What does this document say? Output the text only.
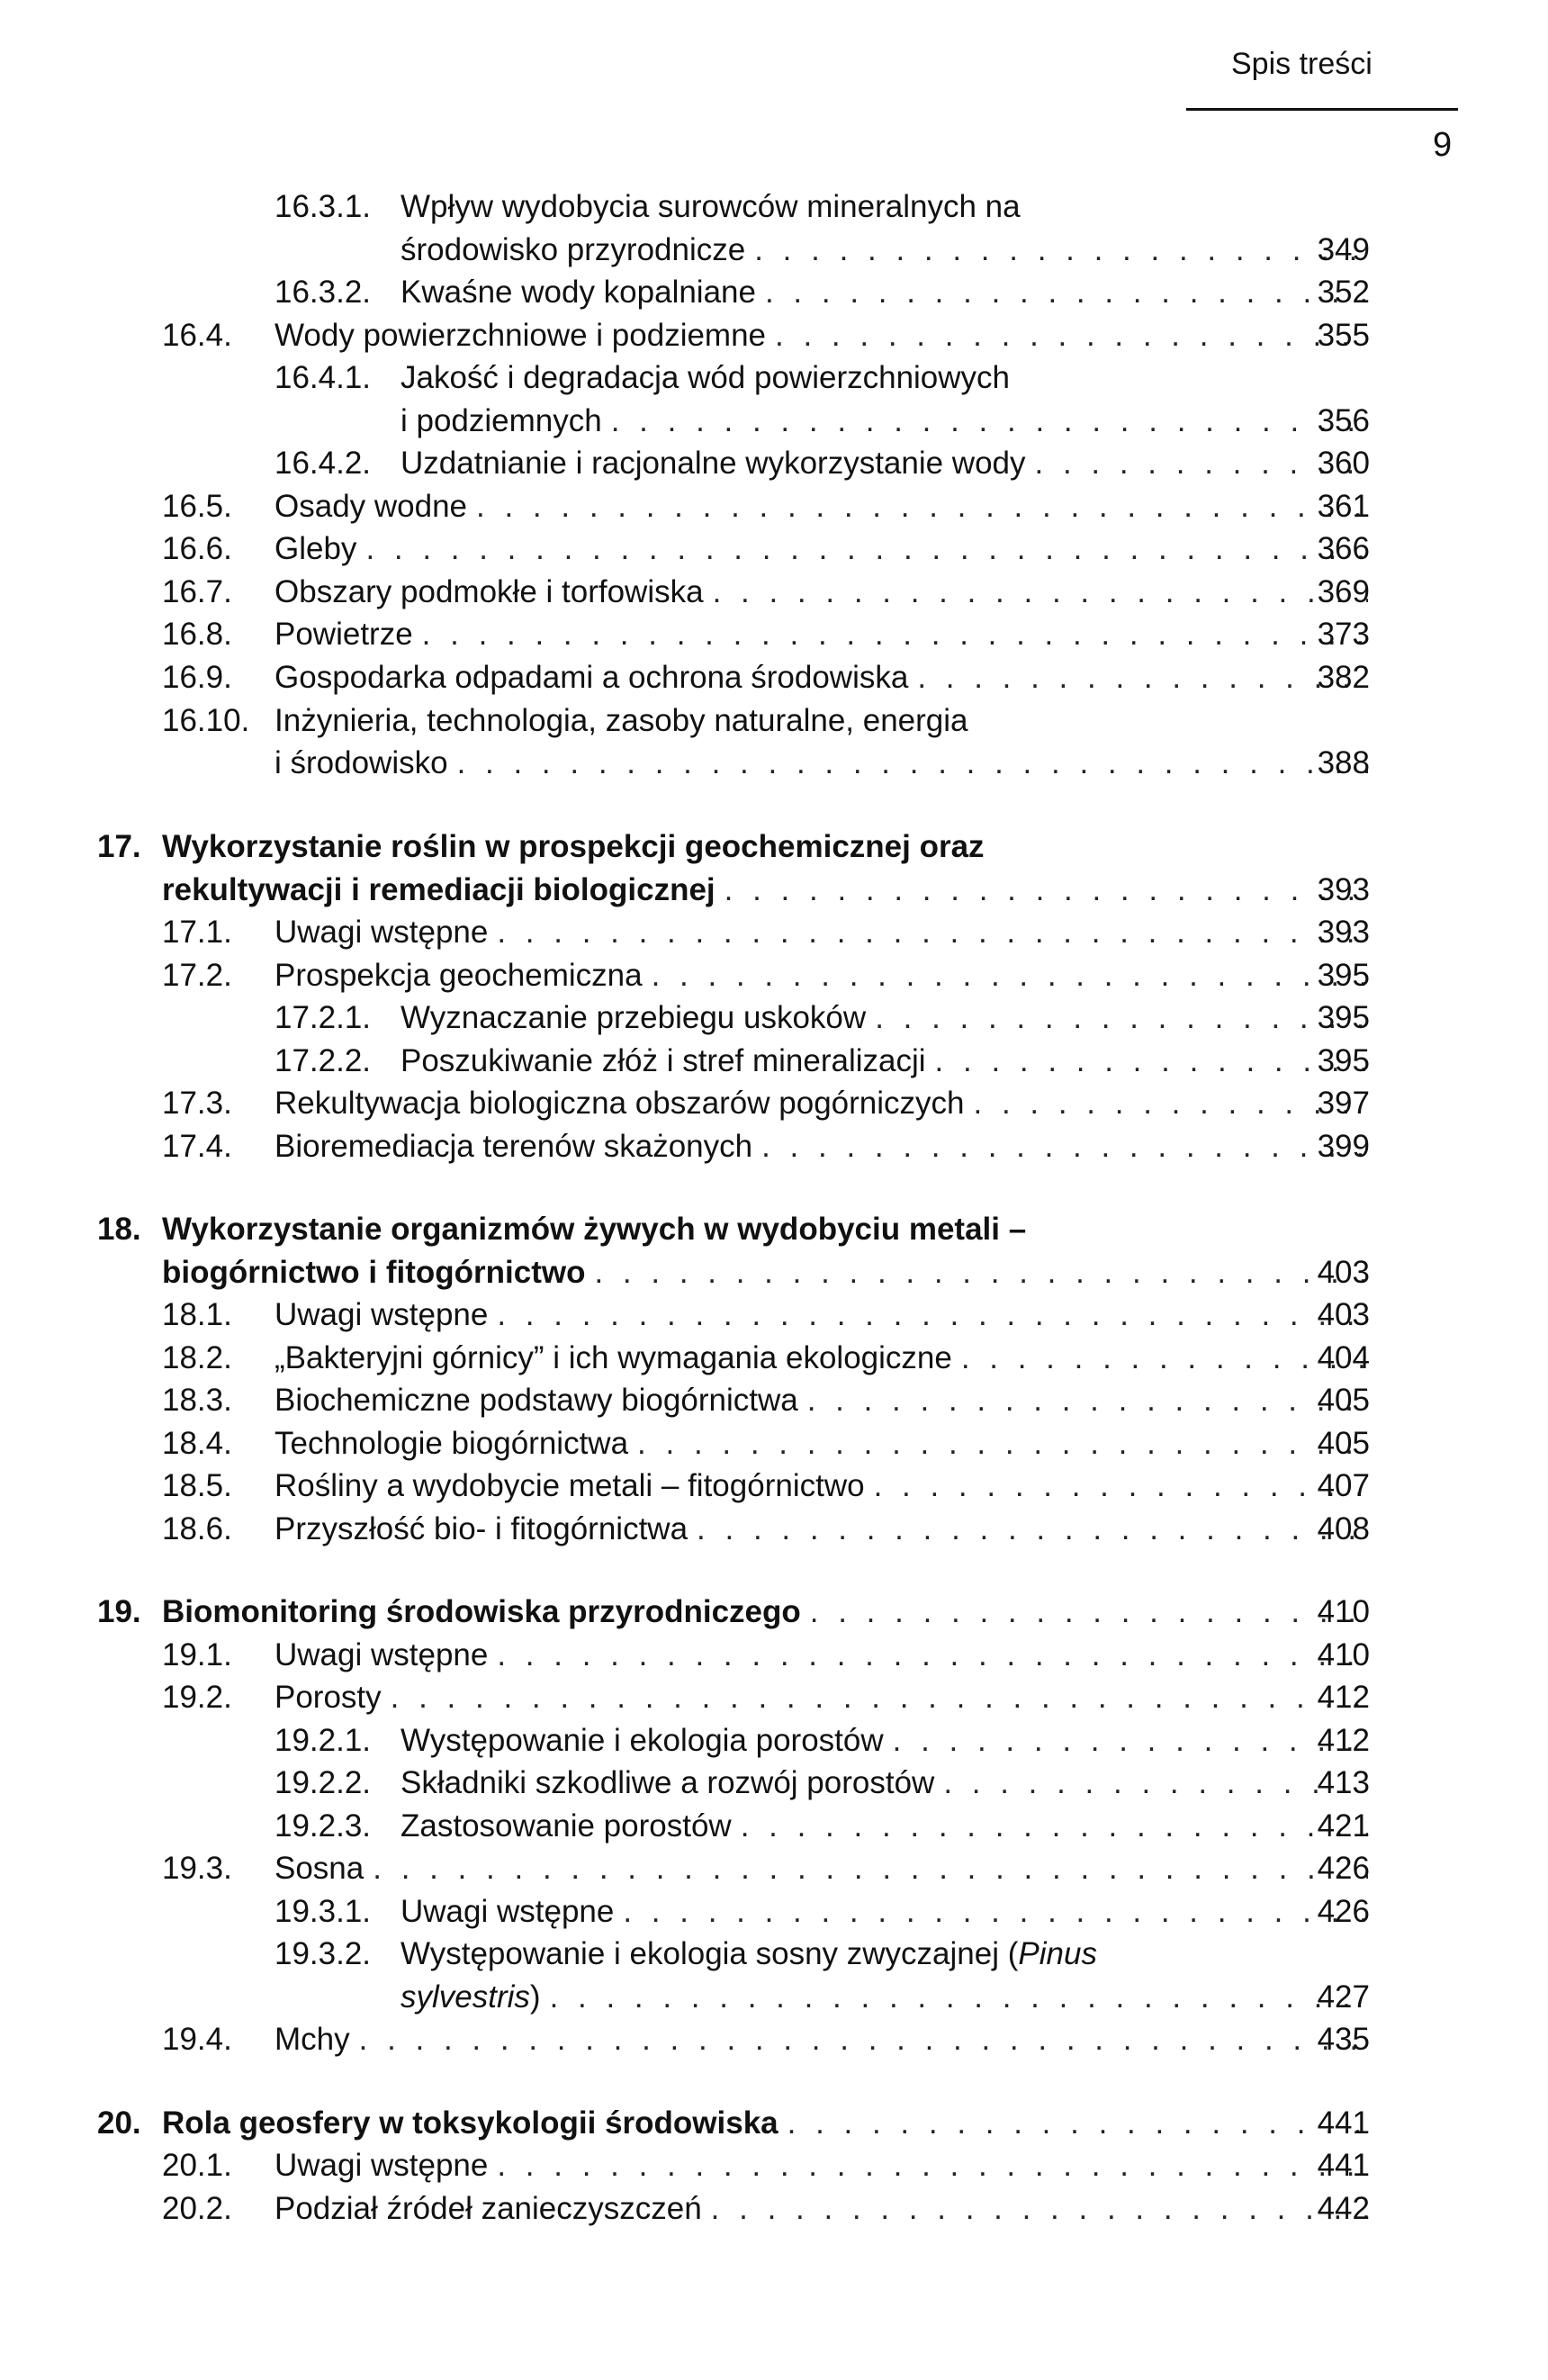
Spis treści
9
16.3.1. Wpływ wydobycia surowców mineralnych na
środowisko przyrodnicze . . .	349
16.3.2. Kwaśne wody kopalniane . . .	352
16.4. Wody powierzchniowe i podziemne . . .	355
16.4.1. Jakość i degradacja wód powierzchniowych
i podziemnych . . .	356
16.4.2. Uzdatnianie i racjonalne wykorzystanie wody . . .	360
16.5. Osady wodne . . .	361
16.6. Gleby . . .	366
16.7. Obszary podmokłe i torfowiska . . .	369
16.8. Powietrze . . .	373
16.9. Gospodarka odpadami a ochrona środowiska . . .	382
16.10. Inżynieria, technologia, zasoby naturalne, energia
i środowisko . . .	388
17. Wykorzystanie roślin w prospekcji geochemicznej oraz
rekultywacji i remediacji biologicznej . . .	393
17.1. Uwagi wstępne . . .	393
17.2. Prospekcja geochemiczna . . .	395
17.2.1. Wyznaczanie przebiegu uskoków . . .	395
17.2.2. Poszukiwanie złóż i stref mineralizacji . . .	395
17.3. Rekultywacja biologiczna obszarów pogórniczych . . .	397
17.4. Bioremediacja terenów skażonych . . .	399
18. Wykorzystanie organizmów żywych w wydobyciu metali –
biogórnictwo i fitogórnictwo . . .	403
18.1. Uwagi wstępne . . .	403
18.2. „Bakteryjni górnicy” i ich wymagania ekologiczne . . .	404
18.3. Biochemiczne podstawy biogórnictwa . . .	405
18.4. Technologie biogórnictwa . . .	405
18.5. Rośliny a wydobycie metali – fitogórnictwo . . .	407
18.6. Przyszłość bio- i fitogórnictwa . . .	408
19. Biomonitoring środowiska przyrodniczego . . .	410
19.1. Uwagi wstępne . . .	410
19.2. Porosty . . .	412
19.2.1. Występowanie i ekologia porostów . . .	412
19.2.2. Składniki szkodliwe a rozwój porostów . . .	413
19.2.3. Zastosowanie porostów . . .	421
19.3. Sosna . . .	426
19.3.1. Uwagi wstępne . . .	426
19.3.2. Występowanie i ekologia sosny zwyczajnej (Pinus
sylvestris) . . .	427
19.4. Mchy . . .	435
20. Rola geosfery w toksykologii środowiska . . .	441
20.1. Uwagi wstępne . . .	441
20.2. Podział źródeł zanieczyszczeń . . .	442
